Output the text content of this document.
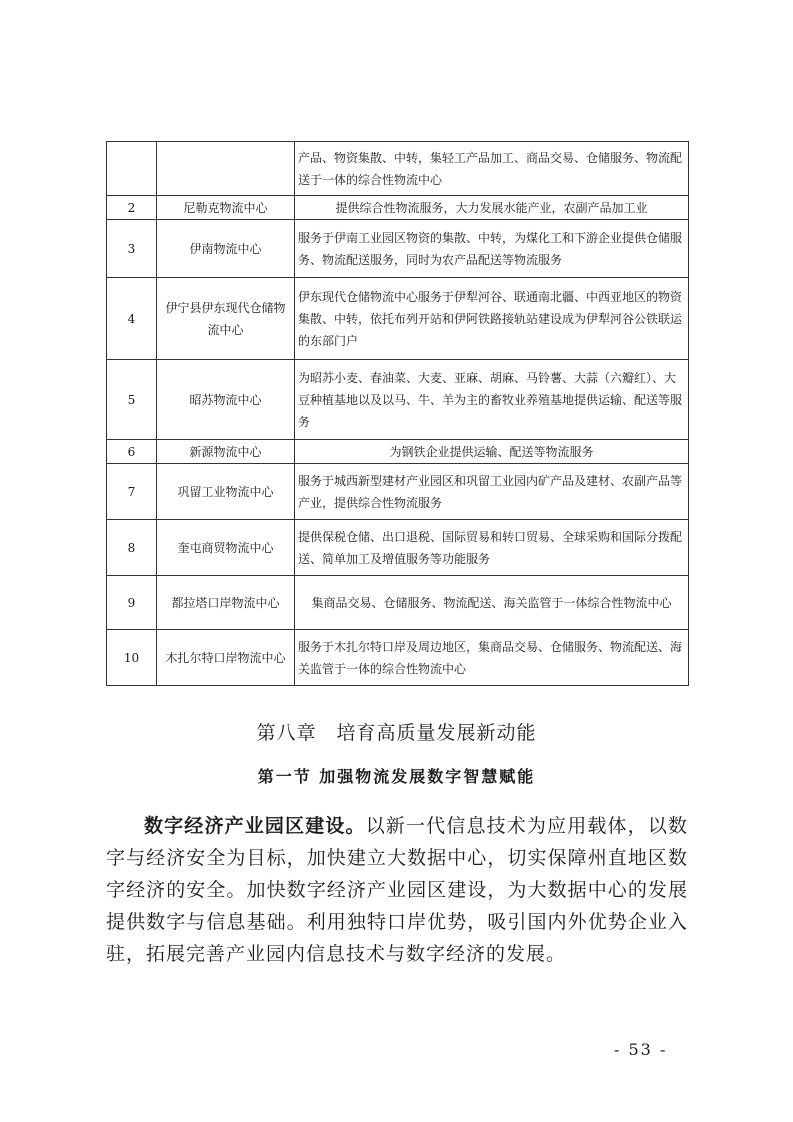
		产品、物资集散、中转，集轻工产品加工、商品交易、仓储服务、物流配送于一体的综合性物流中心
2	尼勒克物流中心	提供综合性物流服务，大力发展水能产业，农副产品加工业
3	伊南物流中心	服务于伊南工业园区物资的集散、中转，为煤化工和下游企业提供仓储服务、物流配送服务，同时为农产品配送等物流服务
4	伊宁县伊东现代仓储物流中心	伊东现代仓储物流中心服务于伊犁河谷、联通南北疆、中西亚地区的物资集散、中转，依托布列开站和伊阿铁路接轨站建设成为伊犁河谷公铁联运的东部门户
5	昭苏物流中心	为昭苏小麦、春油菜、大麦、亚麻、胡麻、马铃薯、大蒜（六瓣红）、大豆种植基地以及以马、牛、羊为主的畜牧业养殖基地提供运输、配送等服务
6	新源物流中心	为钢铁企业提供运输、配送等物流服务
7	巩留工业物流中心	服务于城西新型建材产业园区和巩留工业园内矿产品及建材、农副产品等产业，提供综合性物流服务
8	奎屯商贸物流中心	提供保税仓储、出口退税、国际贸易和转口贸易、全球采购和国际分拨配送、简单加工及增值服务等功能服务
9	都拉塔口岸物流中心	集商品交易、仓储服务、物流配送、海关监管于一体综合性物流中心
10	木扎尔特口岸物流中心	服务于木扎尔特口岸及周边地区，集商品交易、仓储服务、物流配送、海关监管于一体的综合性物流中心
第八章　培育高质量发展新动能
第一节 加强物流发展数字智慧赋能

数字经济产业园区建设。以新一代信息技术为应用载体，以数字与经济安全为目标，加快建立大数据中心，切实保障州直地区数字经济的安全。加快数字经济产业园区建设，为大数据中心的发展提供数字与信息基础。利用独特口岸优势，吸引国内外优势企业入驻，拓展完善产业园内信息技术与数字经济的发展。

- 53 -
